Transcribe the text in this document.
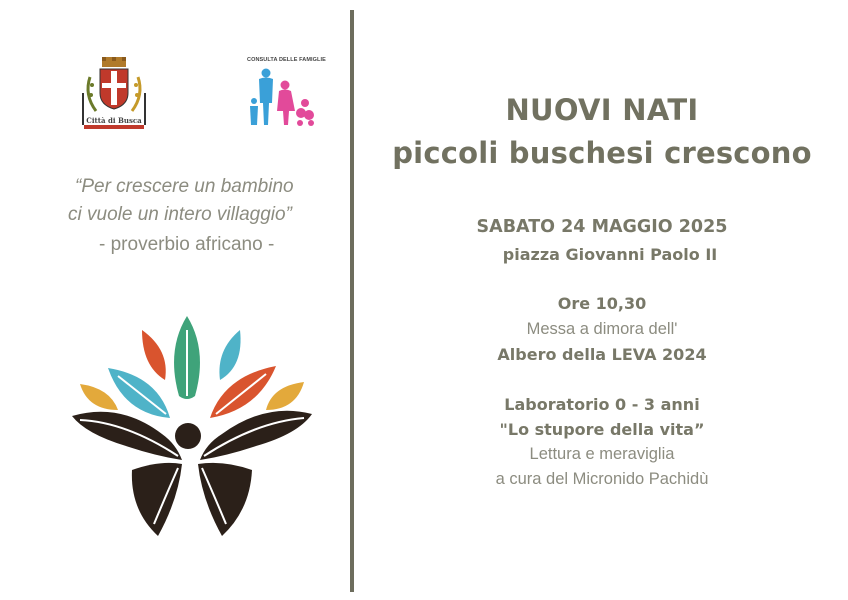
Città di Busca
CONSULTA DELLE FAMIGLIE
“Per crescere un bambino
ci vuole un intero villaggio”
- proverbio africano -
NUOVI NATI
piccoli buschesi crescono
SABATO 24 MAGGIO 2025
piazza Giovanni Paolo II
Ore 10,30
Messa a dimora dell'
Albero della LEVA 2024
Laboratorio 0 - 3 anni
"Lo stupore della vita”
Lettura e meraviglia
a cura del Micronido Pachidù
